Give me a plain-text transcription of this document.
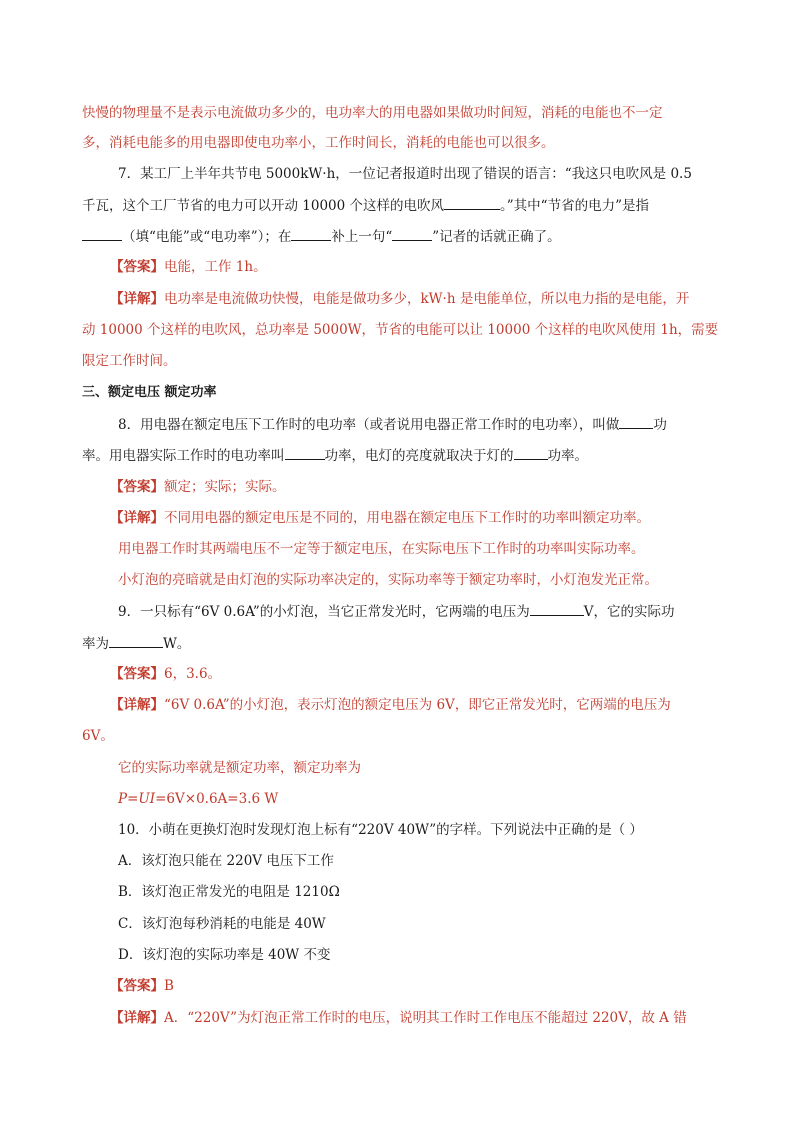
快慢的物理量不是表示电流做功多少的，电功率大的用电器如果做功时间短，消耗的电能也不一定
多，消耗电能多的用电器即使电功率小，工作时间长，消耗的电能也可以很多。
7．某工厂上半年共节电 5000kW·h，一位记者报道时出现了错误的语言：“我这只电吹风是 0.5
千瓦，这个工厂节省的电力可以开动 10000 个这样的电吹风	。”其中“节省的电力”是指
（填“电能”或“电功率”）；在	补上一句“	”记者的话就正确了。
【答案】电能，工作 1h。
【详解】电功率是电流做功快慢，电能是做功多少，kW·h 是电能单位，所以电力指的是电能，开
动 10000 个这样的电吹风，总功率是 5000W，节省的电能可以让 10000 个这样的电吹风使用 1h，需要
限定工作时间。
三、额定电压 额定功率
8．用电器在额定电压下工作时的电功率（或者说用电器正常工作时的电功率），叫做	功
率。用电器实际工作时的电功率叫	功率，电灯的亮度就取决于灯的	功率。
【答案】额定；实际；实际。
【详解】不同用电器的额定电压是不同的，用电器在额定电压下工作时的功率叫额定功率。
用电器工作时其两端电压不一定等于额定电压，在实际电压下工作时的功率叫实际功率。
小灯泡的亮暗就是由灯泡的实际功率决定的，实际功率等于额定功率时，小灯泡发光正常。
9．一只标有“6V 0.6A”的小灯泡，当它正常发光时，它两端的电压为	V，它的实际功
率为	W。
【答案】6，3.6。
【详解】“6V 0.6A”的小灯泡，表示灯泡的额定电压为 6V，即它正常发光时，它两端的电压为
6V。
它的实际功率就是额定功率，额定功率为
P=UI=6V×0.6A=3.6 W
10．小萌在更换灯泡时发现灯泡上标有“220V 40W”的字样。下列说法中正确的是（ ）
A．该灯泡只能在 220V 电压下工作
B．该灯泡正常发光的电阻是 1210Ω
C．该灯泡每秒消耗的电能是 40W
D．该灯泡的实际功率是 40W 不变
【答案】B
【详解】A．“220V”为灯泡正常工作时的电压，说明其工作时工作电压不能超过 220V，故 A 错
